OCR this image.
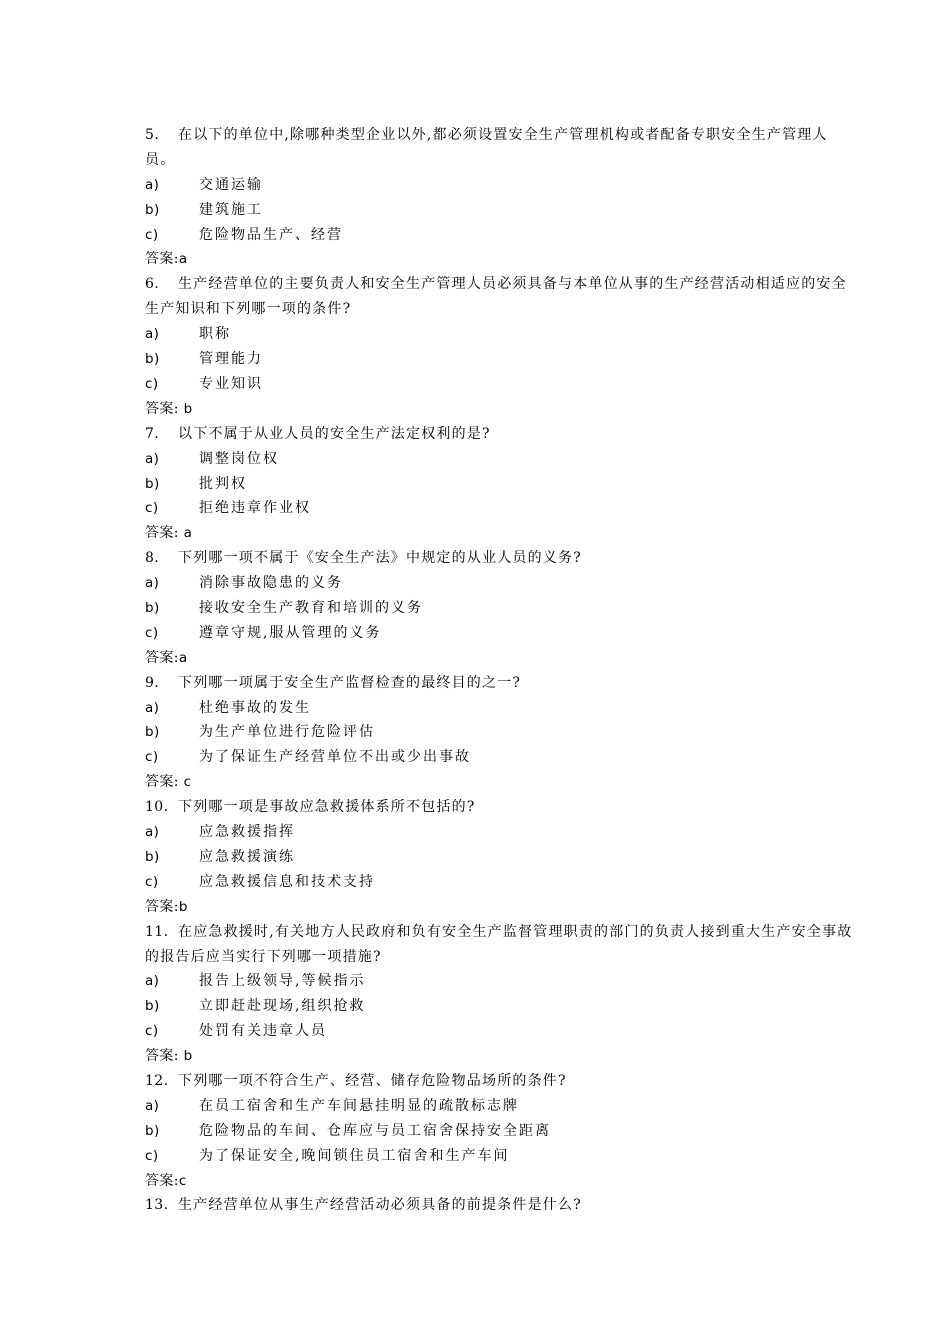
5. 在以下的单位中,除哪种类型企业以外,都必须设置安全生产管理机构或者配备专职安全生产管理人员。
a)	交通运输
b)	建筑施工
c)	危险物品生产、经营
答案:a
6. 生产经营单位的主要负责人和安全生产管理人员必须具备与本单位从事的生产经营活动相适应的安全生产知识和下列哪一项的条件?
a)	职称
b)	管理能力
c)	专业知识
答案: b
7. 以下不属于从业人员的安全生产法定权利的是?
a)	调整岗位权
b)	批判权
c)	拒绝违章作业权
答案: a
8. 下列哪一项不属于《安全生产法》中规定的从业人员的义务?
a)	消除事故隐患的义务
b)	接收安全生产教育和培训的义务
c)	遵章守规,服从管理的义务
答案:a
9. 下列哪一项属于安全生产监督检查的最终目的之一?
a)	杜绝事故的发生
b)	为生产单位进行危险评估
c)	为了保证生产经营单位不出或少出事故
答案: c
10. 下列哪一项是事故应急救援体系所不包括的?
a)	应急救援指挥
b)	应急救援演练
c)	应急救援信息和技术支持
答案:b
11. 在应急救援时,有关地方人民政府和负有安全生产监督管理职责的部门的负责人接到重大生产安全事故的报告后应当实行下列哪一项措施?
a)	报告上级领导,等候指示
b)	立即赶赴现场,组织抢救
c)	处罚有关违章人员
答案: b
12. 下列哪一项不符合生产、经营、储存危险物品场所的条件?
a)	在员工宿舍和生产车间悬挂明显的疏散标志牌
b)	危险物品的车间、仓库应与员工宿舍保持安全距离
c)	为了保证安全,晚间锁住员工宿舍和生产车间
答案:c
13. 生产经营单位从事生产经营活动必须具备的前提条件是什么?
